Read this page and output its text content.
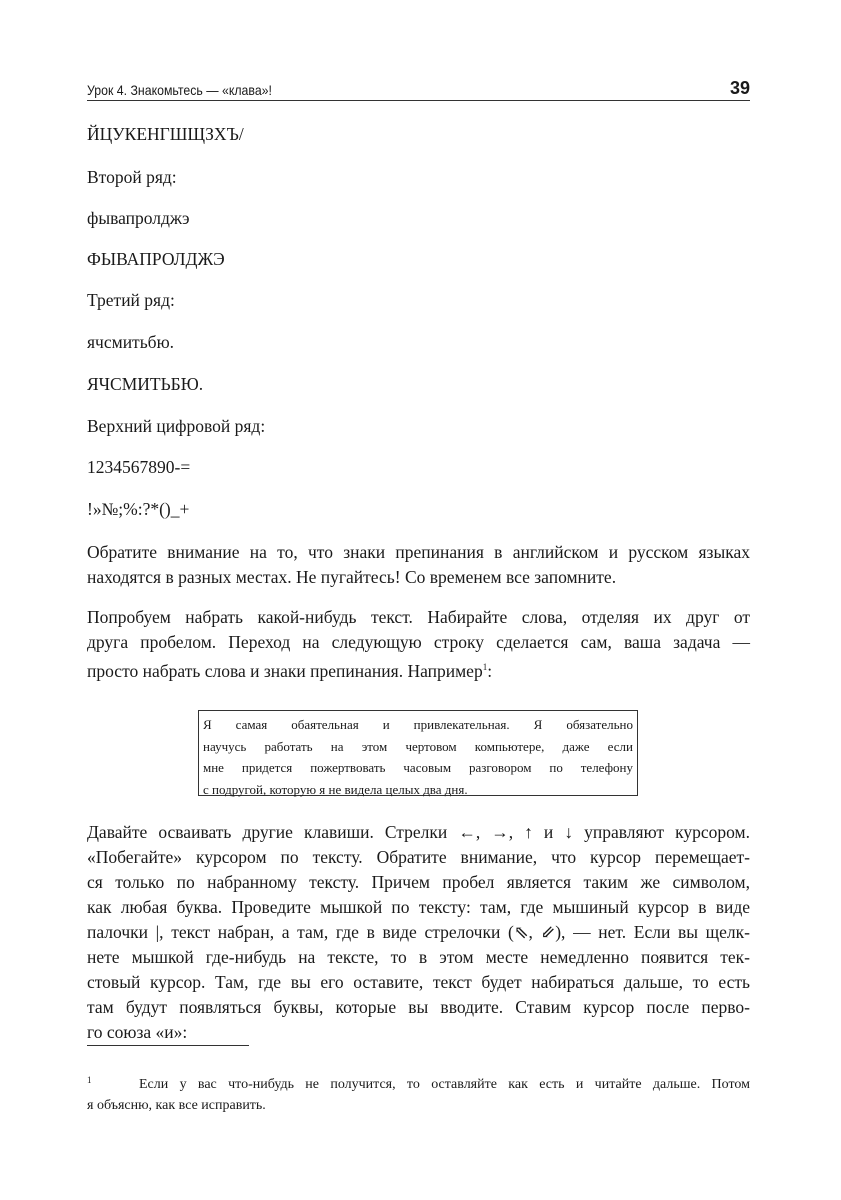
Урок 4. Знакомьтесь — «клава»!	39
ЙЦУКЕНГШЩЗХЪ/
Второй ряд:
фывапролджэ
ФЫВАПРОЛДЖЭ
Третий ряд:
ячсмитьбю.
ЯЧСМИТЬБЮ.
Верхний цифровой ряд:
1234567890-=
!»№;%:?*()_+
Обратите внимание на то, что знаки препинания в английском и русском языках
находятся в разных местах. Не пугайтесь! Со временем все запомните.
Попробуем набрать какой-нибудь текст. Набирайте слова, отделяя их друг от
друга пробелом. Переход на следующую строку сделается сам, ваша задача —
просто набрать слова и знаки препинания. Например$^1$:
Я самая обаятельная и привлекательная. Я обязательно
научусь работать на этом чертовом компьютере, даже если
мне придется пожертвовать часовым разговором по телефону
с подругой, которую я не видела целых два дня.
Давайте осваивать другие клавиши. Стрелки ←, →, ↑ и ↓ управляют курсором.
«Побегайте» курсором по тексту. Обратите внимание, что курсор перемещает-
ся только по набранному тексту. Причем пробел является таким же символом,
как любая буква. Проведите мышкой по тексту: там, где мышиный курсор в виде
палочки |, текст набран, а там, где в виде стрелочки (⇖, ⇙), — нет. Если вы щелк-
нете мышкой где-нибудь на тексте, то в этом месте немедленно появится тек-
стовый курсор. Там, где вы его оставите, текст будет набираться дальше, то есть
там будут появляться буквы, которые вы вводите. Ставим курсор после перво-
го союза «и»:
1	Если у вас что-нибудь не получится, то оставляйте как есть и читайте дальше. Потом
я объясню, как все исправить.
